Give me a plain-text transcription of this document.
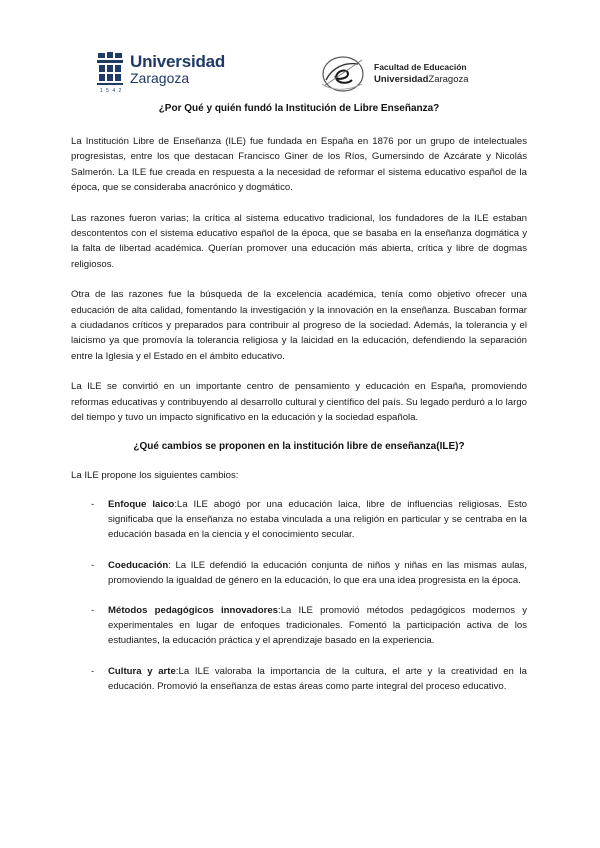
Universidad
Zaragoza
1 5 4 2
Facultad de Educación
UniversidadZaragoza
¿Por Qué y quién fundó la Institución de Libre Enseñanza?

La Institución Libre de Enseñanza (ILE) fue fundada en España en 1876 por un grupo de intelectuales progresistas, entre los que destacan Francisco Giner de los Ríos, Gumersindo de Azcárate y Nicolás Salmerón. La ILE fue creada en respuesta a la necesidad de reformar el sistema educativo español de la época, que se consideraba anacrónico y dogmático.

Las razones fueron varias; la crítica al sistema educativo tradicional, los fundadores de la ILE estaban descontentos con el sistema educativo español de la época, que se basaba en la enseñanza dogmática y la falta de libertad académica. Querían promover una educación más abierta, crítica y libre de dogmas religiosos.

Otra de las razones fue la búsqueda de la excelencia académica, tenía como objetivo ofrecer una educación de alta calidad, fomentando la investigación y la innovación en la enseñanza. Buscaban formar a ciudadanos críticos y preparados para contribuir al progreso de la sociedad. Además, la tolerancia y el laicismo ya que promovía la tolerancia religiosa y la laicidad en la educación, defendiendo la separación entre la Iglesia y el Estado en el ámbito educativo.

La ILE se convirtió en un importante centro de pensamiento y educación en España, promoviendo reformas educativas y contribuyendo al desarrollo cultural y científico del país. Su legado perduró a lo largo del tiempo y tuvo un impacto significativo en la educación y la sociedad española.

¿Qué cambios se proponen en la institución libre de enseñanza(ILE)?

La ILE propone los siguientes cambios:

- Enfoque laico:La ILE abogó por una educación laica, libre de influencias religiosas. Esto significaba que la enseñanza no estaba vinculada a una religión en particular y se centraba en la educación basada en la ciencia y el conocimiento secular.
- Coeducación: La ILE defendió la educación conjunta de niños y niñas en las mismas aulas, promoviendo la igualdad de género en la educación, lo que era una idea progresista en la época.
- Métodos pedagógicos innovadores:La ILE promovió métodos pedagógicos modernos y experimentales en lugar de enfoques tradicionales. Fomentó la participación activa de los estudiantes, la educación práctica y el aprendizaje basado en la experiencia.
- Cultura y arte:La ILE valoraba la importancia de la cultura, el arte y la creatividad en la educación. Promovió la enseñanza de estas áreas como parte integral del proceso educativo.
